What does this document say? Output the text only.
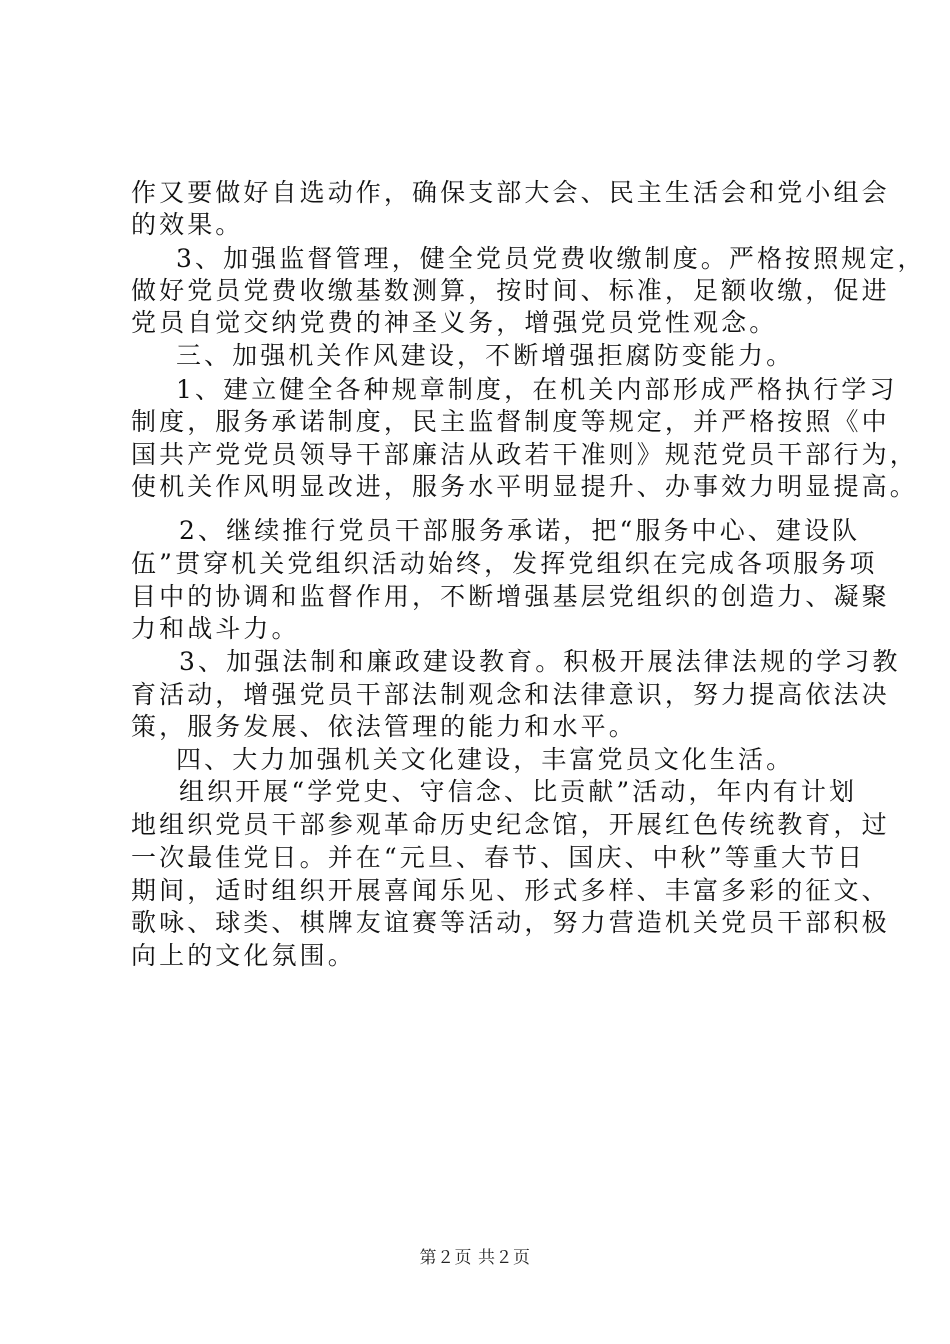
作又要做好自选动作，确保支部大会、民主生活会和党小组会
的效果。
3、加强监督管理，健全党员党费收缴制度。严格按照规定，
做好党员党费收缴基数测算，按时间、标准，足额收缴，促进
党员自觉交纳党费的神圣义务，增强党员党性观念。
三、加强机关作风建设，不断增强拒腐防变能力。
1、建立健全各种规章制度，在机关内部形成严格执行学习
制度，服务承诺制度，民主监督制度等规定，并严格按照《中
国共产党党员领导干部廉洁从政若干准则》规范党员干部行为，
使机关作风明显改进，服务水平明显提升、办事效力明显提高。
2、继续推行党员干部服务承诺，把“服务中心、建设队
伍”贯穿机关党组织活动始终，发挥党组织在完成各项服务项
目中的协调和监督作用，不断增强基层党组织的创造力、凝聚
力和战斗力。
3、加强法制和廉政建设教育。积极开展法律法规的学习教
育活动，增强党员干部法制观念和法律意识，努力提高依法决
策，服务发展、依法管理的能力和水平。
四、大力加强机关文化建设，丰富党员文化生活。
组织开展“学党史、守信念、比贡献”活动，年内有计划
地组织党员干部参观革命历史纪念馆，开展红色传统教育，过
一次最佳党日。并在“元旦、春节、国庆、中秋”等重大节日
期间，适时组织开展喜闻乐见、形式多样、丰富多彩的征文、
歌咏、球类、棋牌友谊赛等活动，努力营造机关党员干部积极
向上的文化氛围。
第２页 共２页
